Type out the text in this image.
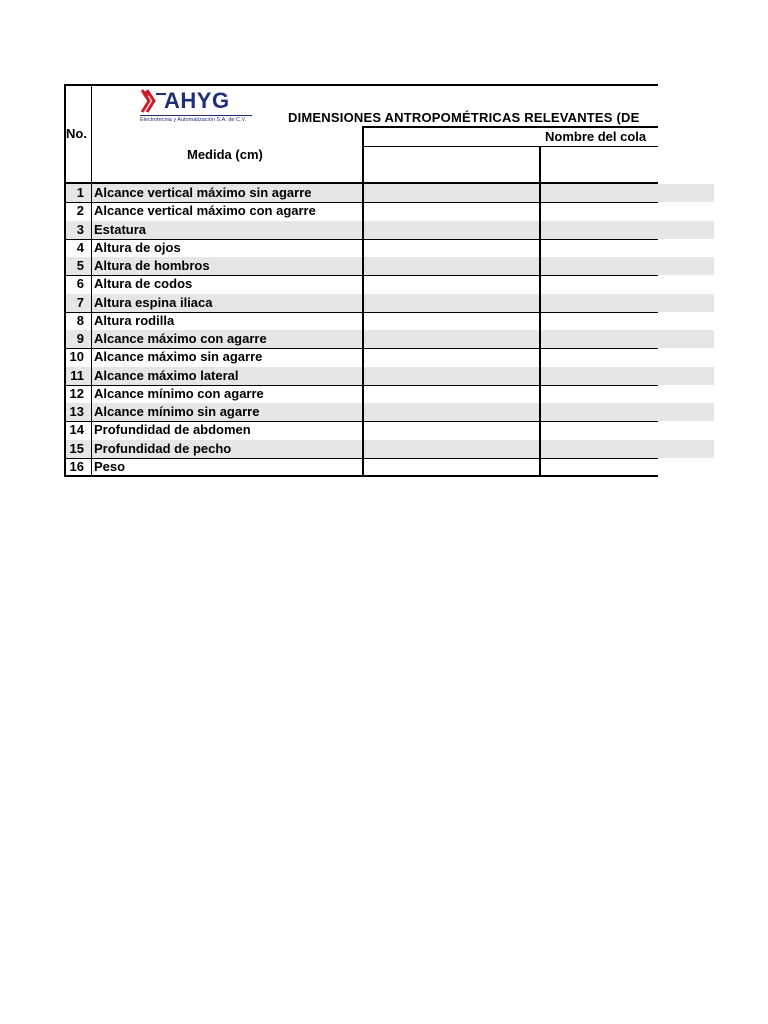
AHYG
Electrotecnia y Automatización S.A. de C.V.
No.
DIMENSIONES ANTROPOMÉTRICAS RELEVANTES (DE
Medida (cm)
Nombre del cola
1 Alcance vertical máximo sin agarre
2 Alcance vertical máximo con agarre
3 Estatura
4 Altura de ojos
5 Altura de hombros
6 Altura de codos
7 Altura espina iliaca
8 Altura rodilla
9 Alcance máximo con agarre
10 Alcance máximo sin agarre
11 Alcance máximo lateral
12 Alcance mínimo con agarre
13 Alcance mínimo sin agarre
14 Profundidad de abdomen
15 Profundidad de pecho
16 Peso
